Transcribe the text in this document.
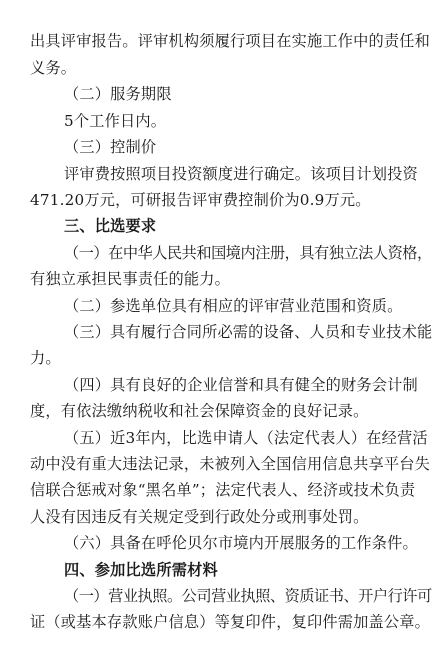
出具评审报告。评审机构须履行项目在实施工作中的责任和
义务。
（二）服务期限
5个工作日内。
（三）控制价
评审费按照项目投资额度进行确定。该项目计划投资
471.20万元，可研报告评审费控制价为0.9万元。
三、比选要求
（一）在中华人民共和国境内注册，具有独立法人资格，
有独立承担民事责任的能力。
（二）参选单位具有相应的评审营业范围和资质。
（三）具有履行合同所必需的设备、人员和专业技术能
力。
（四）具有良好的企业信誉和具有健全的财务会计制
度，有依法缴纳税收和社会保障资金的良好记录。
（五）近3年内，比选申请人（法定代表人）在经营活
动中没有重大违法记录，未被列入全国信用信息共享平台失
信联合惩戒对象“黑名单”；法定代表人、经济或技术负责
人没有因违反有关规定受到行政处分或刑事处罚。
（六）具备在呼伦贝尔市境内开展服务的工作条件。
四、参加比选所需材料
（一）营业执照。公司营业执照、资质证书、开户行许可
证（或基本存款账户信息）等复印件，复印件需加盖公章。
